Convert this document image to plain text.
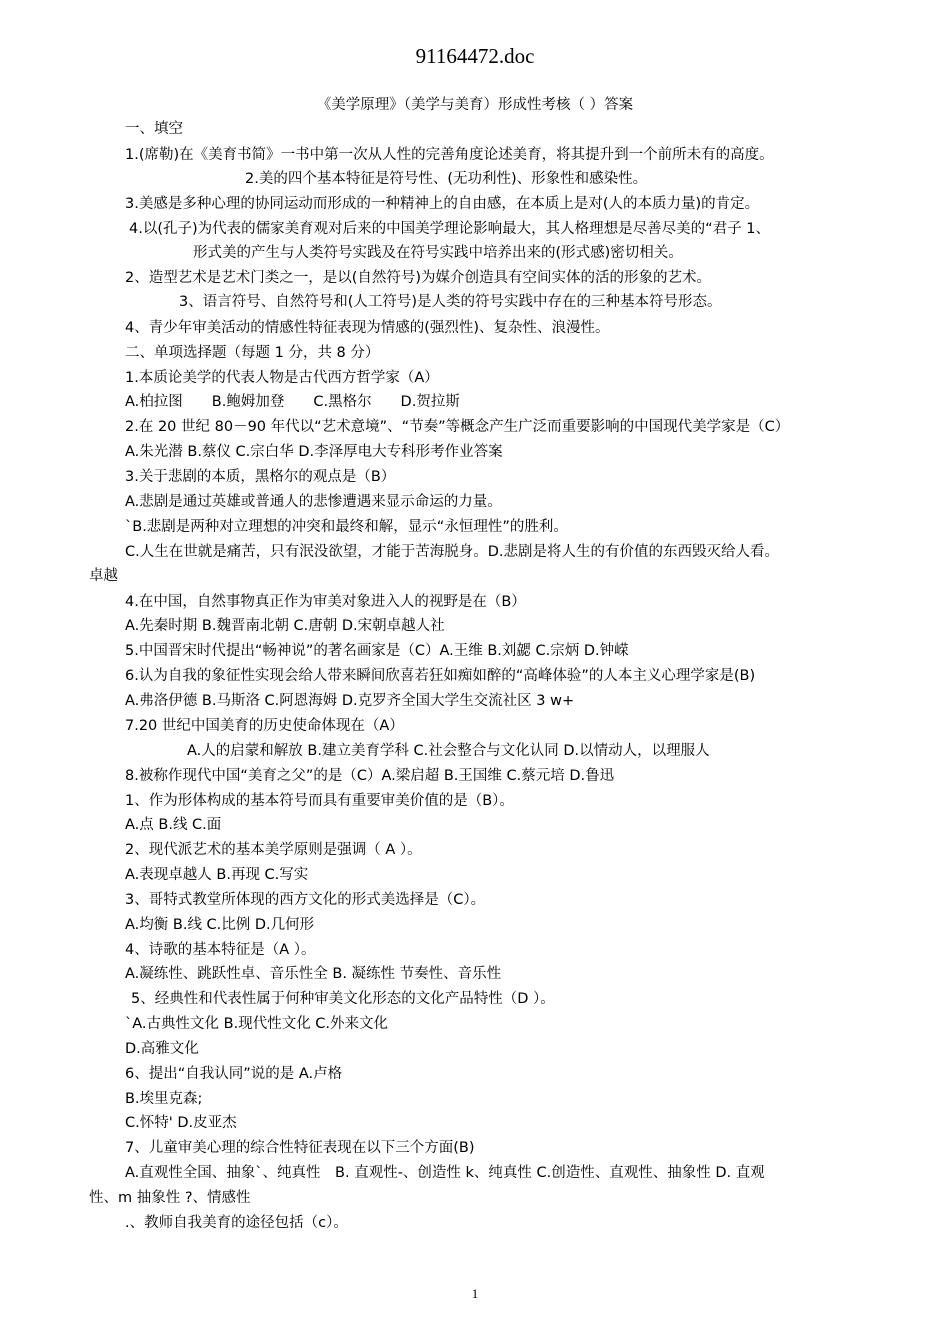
91164472.doc
《美学原理》（美学与美育）形成性考核（ ）答案
一、填空
1.(席勒)在《美育书简》一书中第一次从人性的完善角度论述美育，将其提升到一个前所未有的高度。
2.美的四个基本特征是符号性、(无功利性)、形象性和感染性。
3.美感是多种心理的协同运动而形成的一种精神上的自由感，在本质上是对(人的本质力量)的肯定。
4.以(孔子)为代表的儒家美育观对后来的中国美学理论影响最大，其人格理想是尽善尽美的“君子 1、
形式美的产生与人类符号实践及在符号实践中培养出来的(形式感)密切相关。
2、造型艺术是艺术门类之一，是以(自然符号)为媒介创造具有空间实体的活的形象的艺术。
3、语言符号、自然符号和(人工符号)是人类的符号实践中存在的三种基本符号形态。
4、青少年审美活动的情感性特征表现为情感的(强烈性)、复杂性、浪漫性。
二、单项选择题（每题 1 分，共 8 分）
1.本质论美学的代表人物是古代西方哲学家（A）
A.柏拉图　　B.鲍姆加登　　C.黑格尔　　D.贺拉斯
2.在 20 世纪 80－90 年代以“艺术意境”、“节奏”等概念产生广泛而重要影响的中国现代美学家是（C）
A.朱光潜 B.蔡仪 C.宗白华 D.李泽厚电大专科形考作业答案
3.关于悲剧的本质，黑格尔的观点是（B）
A.悲剧是通过英雄或普通人的悲惨遭遇来显示命运的力量。
`B.悲剧是两种对立理想的冲突和最终和解，显示“永恒理性”的胜利。
C.人生在世就是痛苦，只有泯没欲望，才能于苦海脱身。D.悲剧是将人生的有价值的东西毁灭给人看。
卓越
4.在中国，自然事物真正作为审美对象进入人的视野是在（B）
A.先秦时期 B.魏晋南北朝 C.唐朝 D.宋朝卓越人社
5.中国晋宋时代提出“畅神说”的著名画家是（C）A.王维 B.刘勰 C.宗炳 D.钟嵘
6.认为自我的象征性实现会给人带来瞬间欣喜若狂如痴如醉的“高峰体验”的人本主义心理学家是(B)
A.弗洛伊德 B.马斯洛 C.阿恩海姆 D.克罗齐全国大学生交流社区 3 w+
7.20 世纪中国美育的历史使命体现在（A）
A.人的启蒙和解放 B.建立美育学科 C.社会整合与文化认同 D.以情动人，以理服人
8.被称作现代中国“美育之父”的是（C）A.梁启超 B.王国维 C.蔡元培 D.鲁迅
1、作为形体构成的基本符号而具有重要审美价值的是（B）。
A.点 B.线 C.面
2、现代派艺术的基本美学原则是强调（ A ）。
A.表现卓越人 B.再现 C.写实
3、哥特式教堂所体现的西方文化的形式美选择是（C）。
A.均衡 B.线 C.比例 D.几何形
4、诗歌的基本特征是（A ）。
A.凝练性、跳跃性卓、音乐性全 B. 凝练性 节奏性、音乐性
5、经典性和代表性属于何种审美文化形态的文化产品特性（D ）。
`A.古典性文化 B.现代性文化 C.外来文化
D.高雅文化
6、提出“自我认同”说的是 A.卢格
B.埃里克森;
C.怀特' D.皮亚杰
7、儿童审美心理的综合性特征表现在以下三个方面(B)
A.直观性全国、抽象`、纯真性　B. 直观性-、创造性 k、纯真性 C.创造性、直观性、抽象性 D. 直观
性、m 抽象性 ?、情感性
.、教师自我美育的途径包括（c）。
1
